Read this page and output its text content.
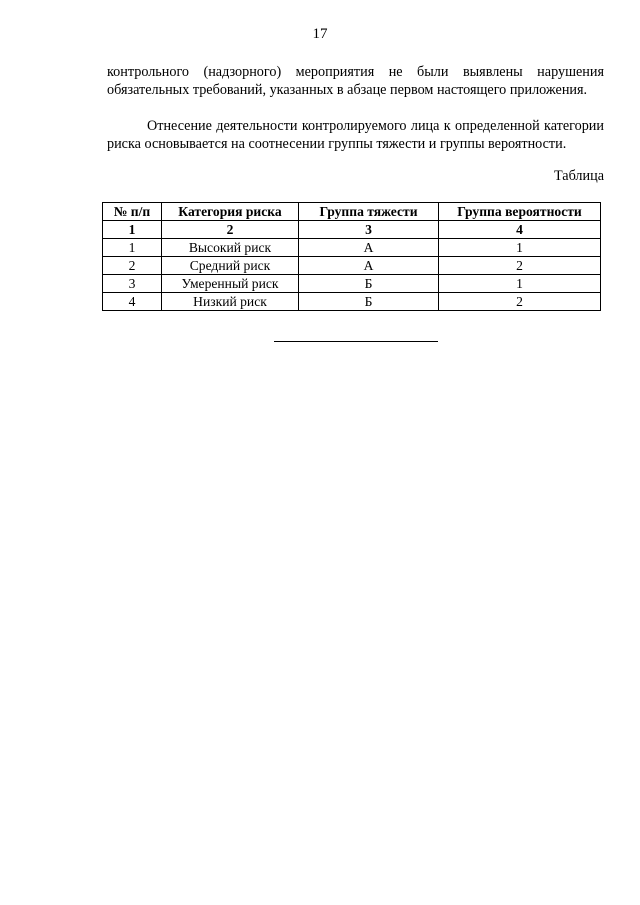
17
контрольного (надзорного) мероприятия не были выявлены нарушения обязательных требований, указанных в абзаце первом настоящего приложения.
Отнесение деятельности контролируемого лица к определенной категории риска основывается на соотнесении группы тяжести и группы вероятности.
Таблица
№ п/п	Категория риска	Группа тяжести	Группа вероятности
1	2	3	4
1	Высокий риск	А	1
2	Средний риск	А	2
3	Умеренный риск	Б	1
4	Низкий риск	Б	2
